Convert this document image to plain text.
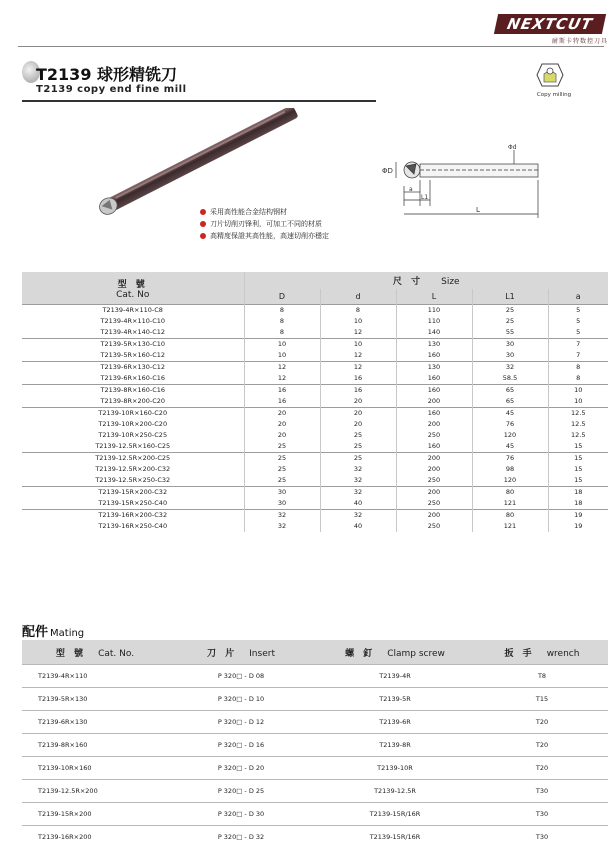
NEXTCUT
耐斯卡特数控刀具
T2139 球形精铣刀
T2139 copy end fine mill	Copy milling
ΦD
Φd
a
L1
L
采用高性能合金结构钢材
刀片切削刃锋利，可加工不同的材质
高精度保證其高性能，高速切削亦穩定
型 號
Cat. No	尺 寸 Size				
	D	d	L	L1	a
T2139-4R×110-C8	8	8	110	25	5
T2139-4R×110-C10	8	10	110	25	5
T2139-4R×140-C12	8	12	140	55	5
T2139-5R×130-C10	10	10	130	30	7
T2139-5R×160-C12	10	12	160	30	7
T2139-6R×130-C12	12	12	130	32	8
T2139-6R×160-C16	12	16	160	58.5	8
T2139-8R×160-C16	16	16	160	65	10
T2139-8R×200-C20	16	20	200	65	10
T2139-10R×160-C20	20	20	160	45	12.5
T2139-10R×200-C20	20	20	200	76	12.5
T2139-10R×250-C25	20	25	250	120	12.5
T2139-12.5R×160-C25	25	25	160	45	15
T2139-12.5R×200-C25	25	25	200	76	15
T2139-12.5R×200-C32	25	32	200	98	15
T2139-12.5R×250-C32	25	32	250	120	15
T2139-15R×200-C32	30	32	200	80	18
T2139-15R×250-C40	30	40	250	121	18
T2139-16R×200-C32	32	32	200	80	19
T2139-16R×250-C40	32	40	250	121	19
配件 Mating
型 號 Cat. No.	刀 片 Insert	螺 釘 Clamp screw	扳 手 wrench
T2139-4R×110	P 320□ - D 08	T2139-4R	T8
T2139-5R×130	P 320□ - D 10	T2139-5R	T15
T2139-6R×130	P 320□ - D 12	T2139-6R	T20
T2139-8R×160	P 320□ - D 16	T2139-8R	T20
T2139-10R×160	P 320□ - D 20	T2139-10R	T20
T2139-12.5R×200	P 320□ - D 25	T2139-12.5R	T30
T2139-15R×200	P 320□ - D 30	T2139-15R/16R	T30
T2139-16R×200	P 320□ - D 32	T2139-15R/16R	T30
